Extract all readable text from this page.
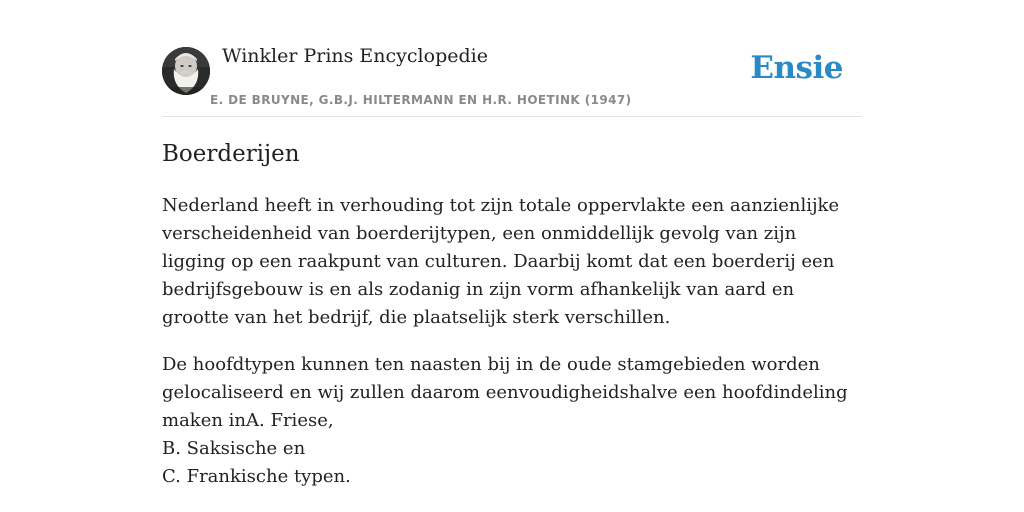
Winkler Prins Encyclopedie
E. DE BRUYNE, G.B.J. HILTERMANN EN H.R. HOETINK (1947)
Ensie
Boerderijen

Nederland heeft in verhouding tot zijn totale oppervlakte een aanzienlijke verscheidenheid van boerderijtypen, een onmiddellijk gevolg van zijn ligging op een raakpunt van culturen. Daarbij komt dat een boerderij een bedrijfsgebouw is en als zodanig in zijn vorm afhankelijk van aard en grootte van het bedrijf, die plaatselijk sterk verschillen.

De hoofdtypen kunnen ten naasten bij in de oude stamgebieden worden gelocaliseerd en wij zullen daarom eenvoudigheidshalve een hoofdindeling maken inA. Friese,
B. Saksische en
C. Frankische typen.
